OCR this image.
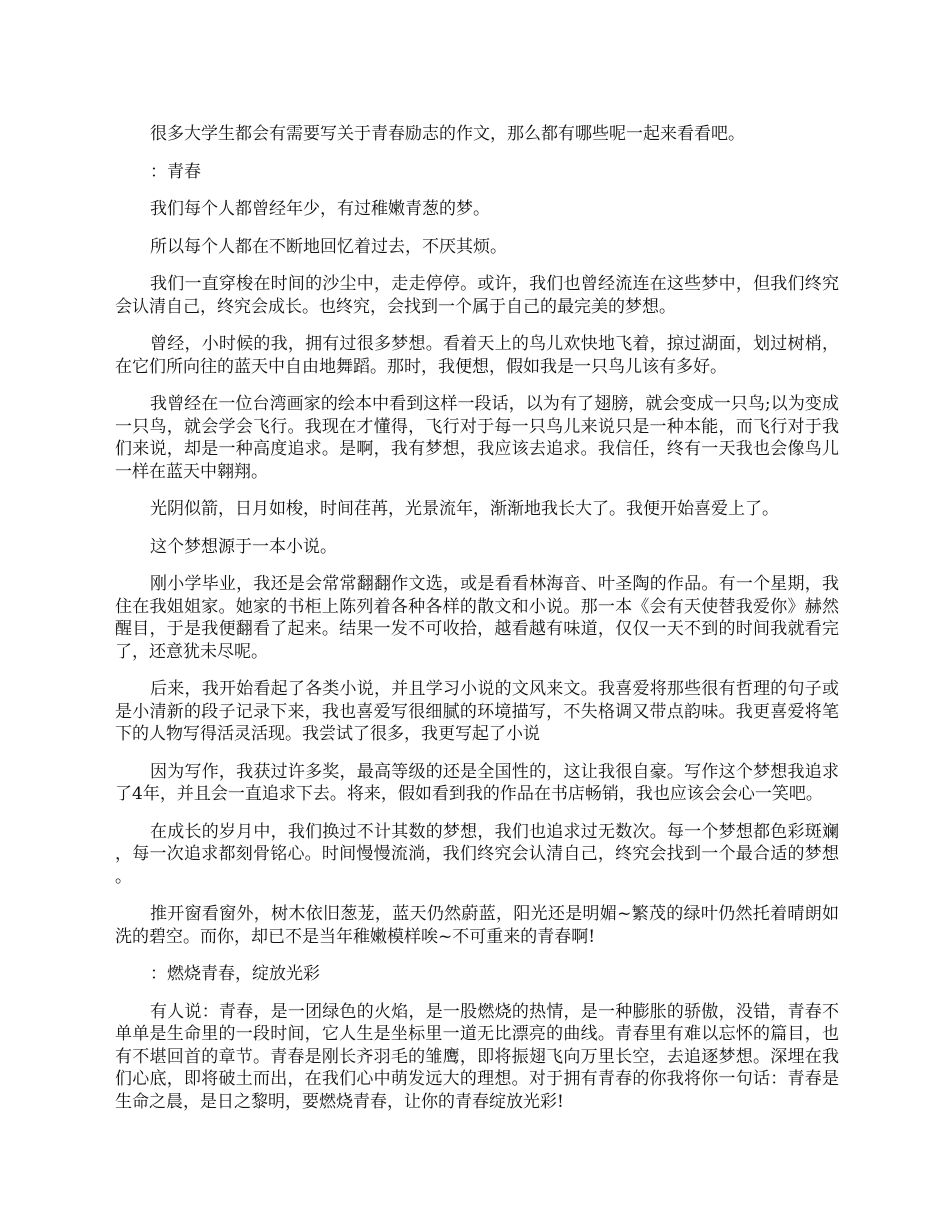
很多大学生都会有需要写关于青春励志的作文，那么都有哪些呢一起来看看吧。

：青春

我们每个人都曾经年少，有过稚嫩青葱的梦。

所以每个人都在不断地回忆着过去，不厌其烦。

我们一直穿梭在时间的沙尘中，走走停停。或许，我们也曾经流连在这些梦中，但我们终究会认清自己，终究会成长。也终究，会找到一个属于自己的最完美的梦想。

曾经，小时候的我，拥有过很多梦想。看着天上的鸟儿欢快地飞着，掠过湖面，划过树梢，在它们所向往的蓝天中自由地舞蹈。那时，我便想，假如我是一只鸟儿该有多好。

我曾经在一位台湾画家的绘本中看到这样一段话，以为有了翅膀，就会变成一只鸟;以为变成一只鸟，就会学会飞行。我现在才懂得，飞行对于每一只鸟儿来说只是一种本能，而飞行对于我们来说，却是一种高度追求。是啊，我有梦想，我应该去追求。我信任，终有一天我也会像鸟儿一样在蓝天中翱翔。

光阴似箭，日月如梭，时间荏苒，光景流年，渐渐地我长大了。我便开始喜爱上了。

这个梦想源于一本小说。

刚小学毕业，我还是会常常翻翻作文选，或是看看林海音、叶圣陶的作品。有一个星期，我住在我姐姐家。她家的书柜上陈列着各种各样的散文和小说。那一本《会有天使替我爱你》赫然醒目，于是我便翻看了起来。结果一发不可收拾，越看越有味道，仅仅一天不到的时间我就看完了，还意犹未尽呢。

后来，我开始看起了各类小说，并且学习小说的文风来文。我喜爱将那些很有哲理的句子或是小清新的段子记录下来，我也喜爱写很细腻的环境描写，不失格调又带点韵味。我更喜爱将笔下的人物写得活灵活现。我尝试了很多，我更写起了小说

因为写作，我获过许多奖，最高等级的还是全国性的，这让我很自豪。写作这个梦想我追求了4年，并且会一直追求下去。将来，假如看到我的作品在书店畅销，我也应该会会心一笑吧。

在成长的岁月中，我们换过不计其数的梦想，我们也追求过无数次。每一个梦想都色彩斑斓，每一次追求都刻骨铭心。时间慢慢流淌，我们终究会认清自己，终究会找到一个最合适的梦想。

推开窗看窗外，树木依旧葱茏，蓝天仍然蔚蓝，阳光还是明媚~繁茂的绿叶仍然托着晴朗如洗的碧空。而你，却已不是当年稚嫩模样唉~不可重来的青春啊!

：燃烧青春，绽放光彩

有人说：青春，是一团绿色的火焰，是一股燃烧的热情，是一种膨胀的骄傲，没错，青春不单单是生命里的一段时间，它人生是坐标里一道无比漂亮的曲线。青春里有难以忘怀的篇目，也有不堪回首的章节。青春是刚长齐羽毛的雏鹰，即将振翅飞向万里长空，去追逐梦想。深埋在我们心底，即将破土而出，在我们心中萌发远大的理想。对于拥有青春的你我将你一句话：青春是生命之晨，是日之黎明，要燃烧青春，让你的青春绽放光彩!
